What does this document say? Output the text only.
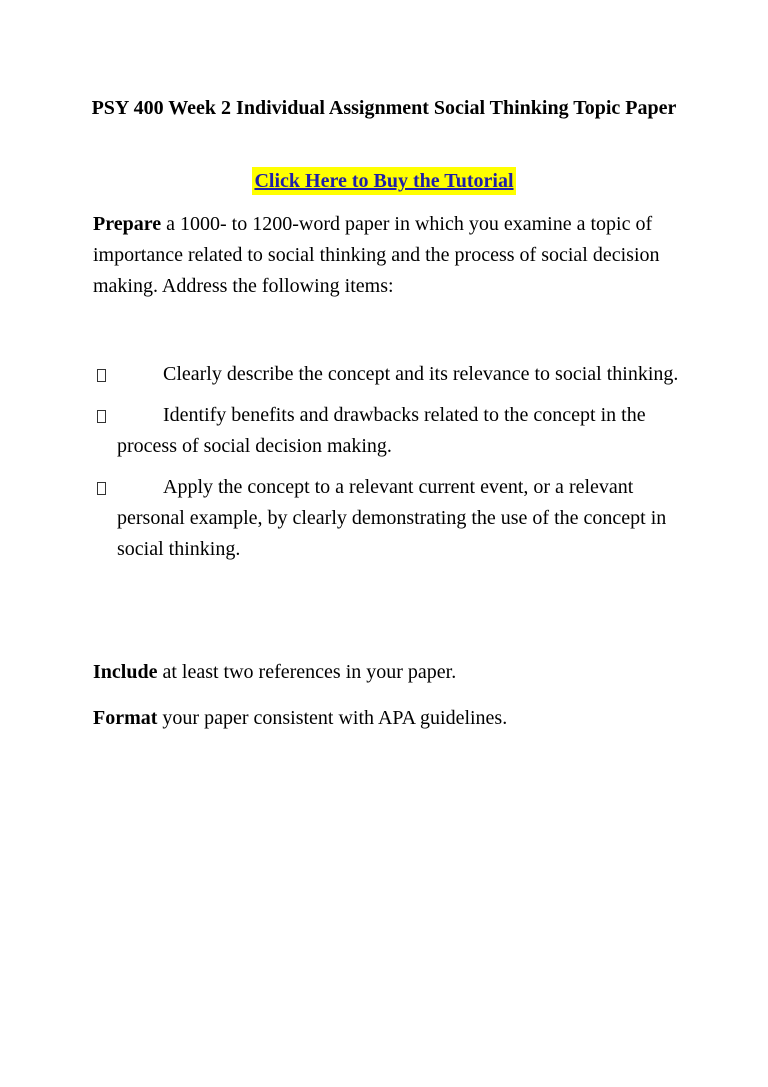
PSY 400 Week 2 Individual Assignment Social Thinking Topic Paper
Click Here to Buy the Tutorial

Prepare a 1000- to 1200-word paper in which you examine a topic of importance related to social thinking and the process of social decision making. Address the following items:

Clearly describe the concept and its relevance to social thinking.
Identify benefits and drawbacks related to the concept in the process of social decision making.
Apply the concept to a relevant current event, or a relevant personal example, by clearly demonstrating the use of the concept in social thinking.

Include at least two references in your paper.

Format your paper consistent with APA guidelines.
